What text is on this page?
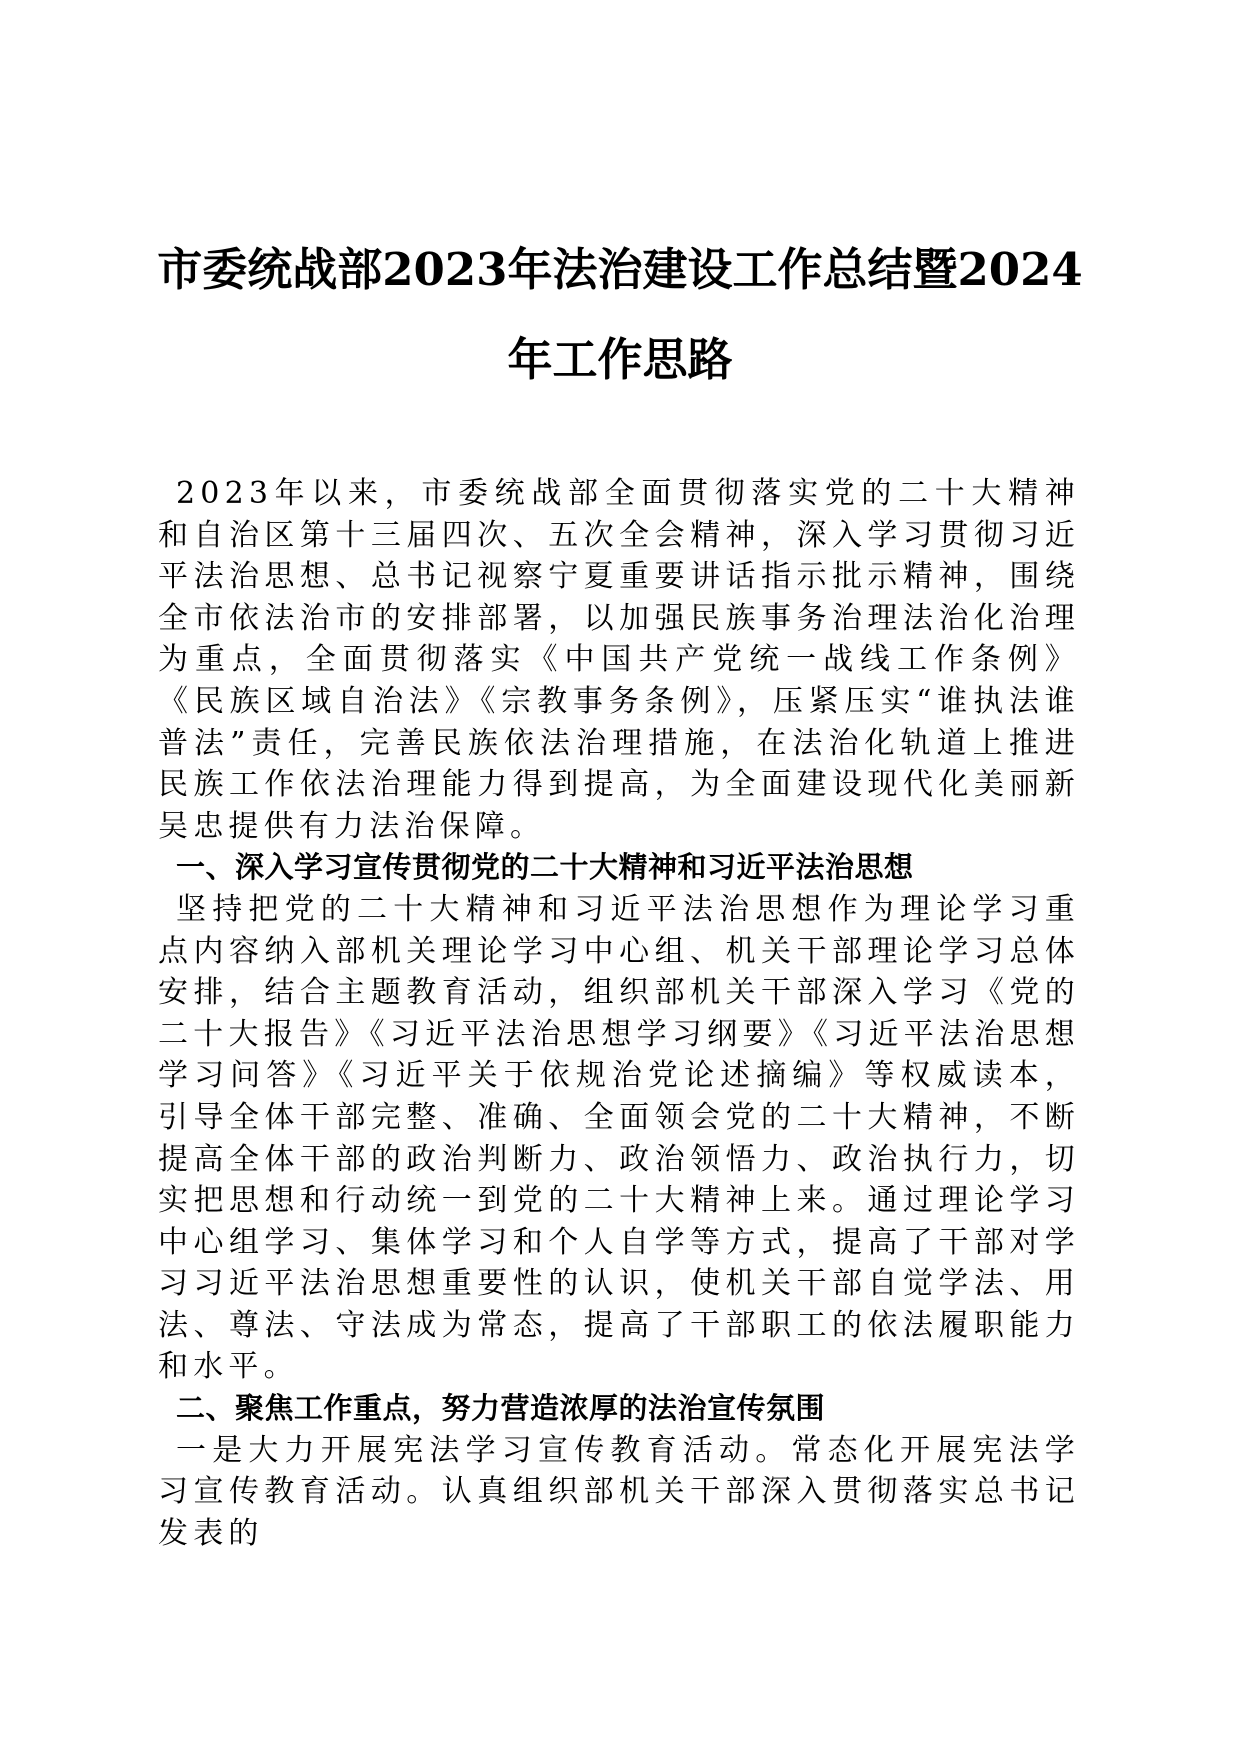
市委统战部2023年法治建设工作总结暨2024年工作思路

2023年以来，市委统战部全面贯彻落实党的二十大精神和自治区第十三届四次、五次全会精神，深入学习贯彻习近平法治思想、总书记视察宁夏重要讲话指示批示精神，围绕全市依法治市的安排部署，以加强民族事务治理法治化治理为重点，全面贯彻落实《中国共产党统一战线工作条例》《民族区域自治法》《宗教事务条例》，压紧压实“谁执法谁普法”责任，完善民族依法治理措施，在法治化轨道上推进民族工作依法治理能力得到提高，为全面建设现代化美丽新吴忠提供有力法治保障。

一、深入学习宣传贯彻党的二十大精神和习近平法治思想

坚持把党的二十大精神和习近平法治思想作为理论学习重点内容纳入部机关理论学习中心组、机关干部理论学习总体安排，结合主题教育活动，组织部机关干部深入学习《党的二十大报告》《习近平法治思想学习纲要》《习近平法治思想学习问答》《习近平关于依规治党论述摘编》等权威读本，引导全体干部完整、准确、全面领会党的二十大精神，不断提高全体干部的政治判断力、政治领悟力、政治执行力，切实把思想和行动统一到党的二十大精神上来。通过理论学习中心组学习、集体学习和个人自学等方式，提高了干部对学习习近平法治思想重要性的认识，使机关干部自觉学法、用法、尊法、守法成为常态，提高了干部职工的依法履职能力和水平。

二、聚焦工作重点，努力营造浓厚的法治宣传氛围

一是大力开展宪法学习宣传教育活动。常态化开展宪法学习宣传教育活动。认真组织部机关干部深入贯彻落实总书记发表的
